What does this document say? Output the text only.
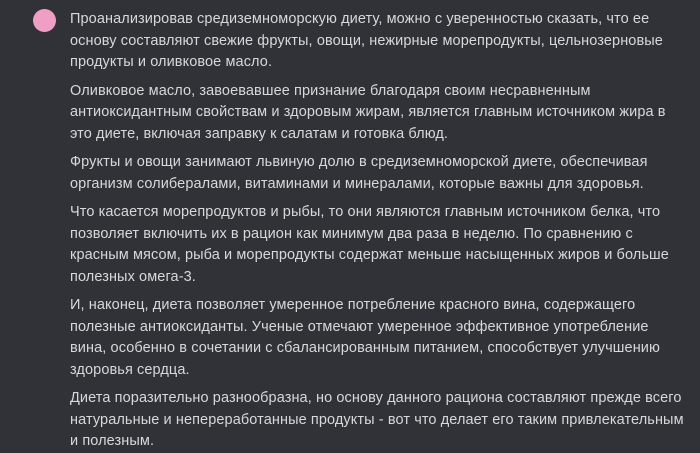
Проанализировав средиземноморскую диету, можно с уверенностью сказать, что ее основу составляют свежие фрукты, овощи, нежирные морепродукты, цельнозерновые продукты и оливковое масло.

Оливковое масло, завоевавшее признание благодаря своим несравненным антиоксидантным свойствам и здоровым жирам, является главным источником жира в это диете, включая заправку к салатам и готовка блюд.

Фрукты и овощи занимают львиную долю в средиземноморской диете, обеспечивая организм солибералами, витаминами и минералами, которые важны для здоровья.

Что касается морепродуктов и рыбы, то они являются главным источником белка, что позволяет включить их в рацион как минимум два раза в неделю. По сравнению с красным мясом, рыба и морепродукты содержат меньше насыщенных жиров и больше полезных омега-3.

И, наконец, диета позволяет умеренное потребление красного вина, содержащего полезные антиоксиданты. Ученые отмечают умеренное эффективное употребление вина, особенно в сочетании с сбалансированным питанием, способствует улучшению здоровья сердца.

Диета поразительно разнообразна, но основу данного рациона составляют прежде всего натуральные и непереработанные продукты - вот что делает его таким привлекательным и полезным.
